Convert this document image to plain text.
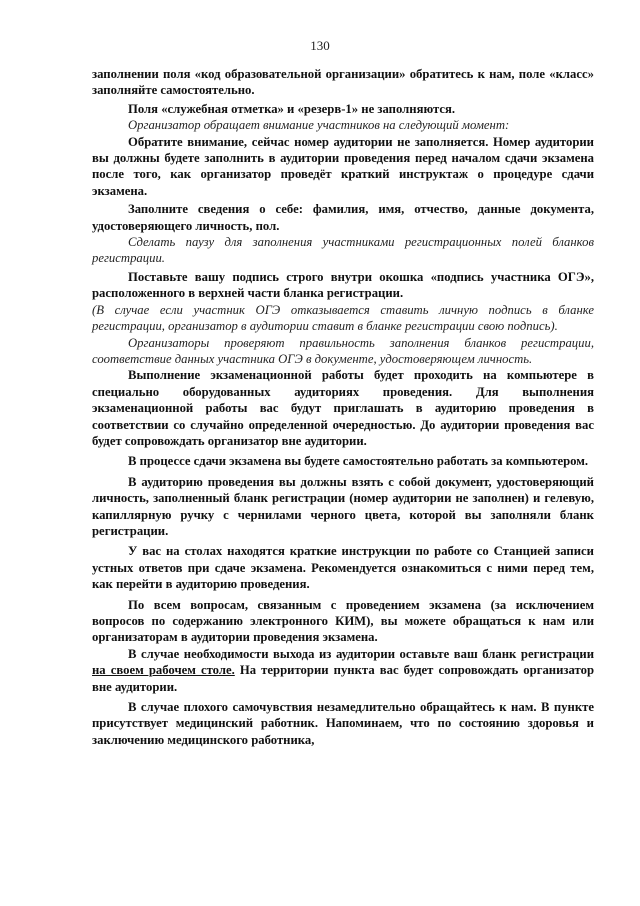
130

заполнении поля «код образовательной организации» обратитесь к нам, поле «класс» заполняйте самостоятельно.

Поля «служебная отметка» и «резерв-1» не заполняются.

Организатор обращает внимание участников на следующий момент:

Обратите внимание, сейчас номер аудитории не заполняется. Номер аудитории вы должны будете заполнить в аудитории проведения перед началом сдачи экзамена после того, как организатор проведёт краткий инструктаж о процедуре сдачи экзамена.

Заполните сведения о себе: фамилия, имя, отчество, данные документа, удостоверяющего личность, пол.

Сделать паузу для заполнения участниками регистрационных полей бланков регистрации.

Поставьте вашу подпись строго внутри окошка «подпись участника ОГЭ», расположенного в верхней части бланка регистрации.

(В случае если участник ОГЭ отказывается ставить личную подпись в бланке регистрации, организатор в аудитории ставит в бланке регистрации свою подпись).

Организаторы проверяют правильность заполнения бланков регистрации, соответствие данных участника ОГЭ в документе, удостоверяющем личность.

Выполнение экзаменационной работы будет проходить на компьютере в специально оборудованных аудиториях проведения. Для выполнения экзаменационной работы вас будут приглашать в аудиторию проведения в соответствии со случайно определенной очередностью. До аудитории проведения вас будет сопровождать организатор вне аудитории.

В процессе сдачи экзамена вы будете самостоятельно работать за компьютером.

В аудиторию проведения вы должны взять с собой документ, удостоверяющий личность, заполненный бланк регистрации (номер аудитории не заполнен) и гелевую, капиллярную ручку с чернилами черного цвета, которой вы заполняли бланк регистрации.

У вас на столах находятся краткие инструкции по работе со Станцией записи устных ответов при сдаче экзамена. Рекомендуется ознакомиться с ними перед тем, как перейти в аудиторию проведения.

По всем вопросам, связанным с проведением экзамена (за исключением вопросов по содержанию электронного КИМ), вы можете обращаться к нам или организаторам в аудитории проведения экзамена.

В случае необходимости выхода из аудитории оставьте ваш бланк регистрации на своем рабочем столе. На территории пункта вас будет сопровождать организатор вне аудитории.

В случае плохого самочувствия незамедлительно обращайтесь к нам. В пункте присутствует медицинский работник. Напоминаем, что по состоянию здоровья и заключению медицинского работника,
